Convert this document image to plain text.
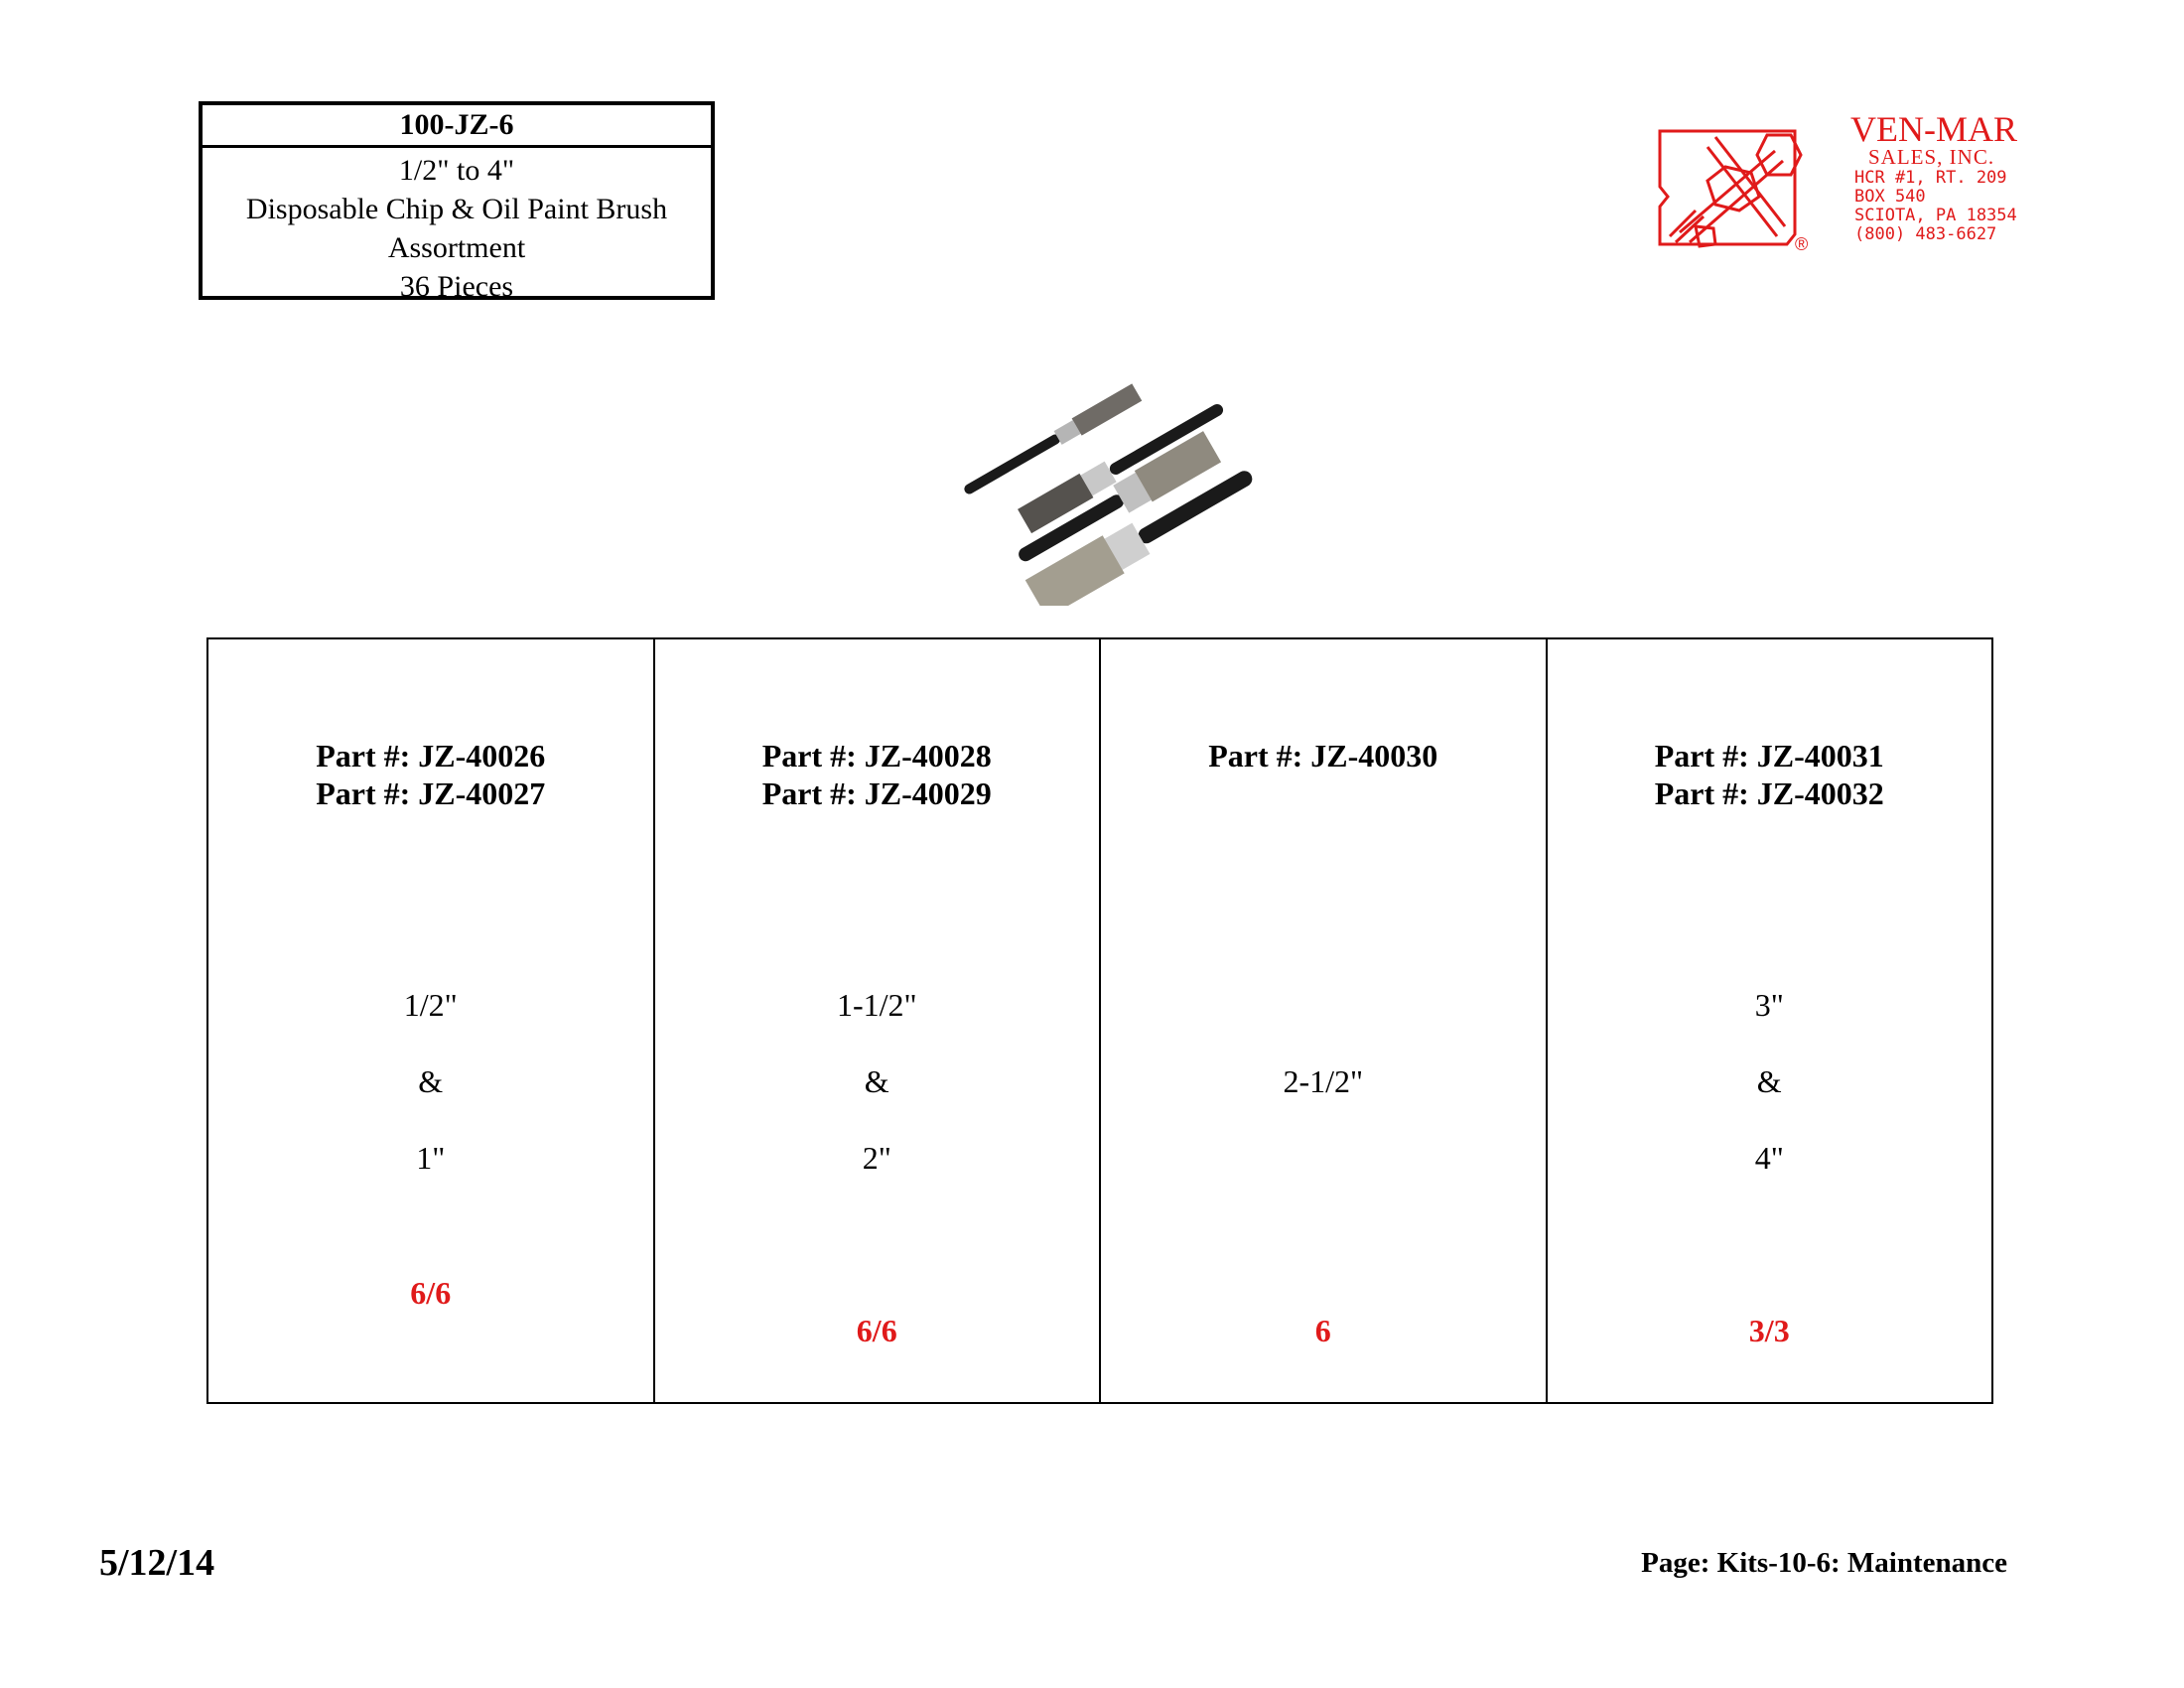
100-JZ-6
1/2" to 4"
Disposable Chip & Oil Paint Brush
Assortment
36 Pieces
®
VEN-MAR
SALES, INC.
HCR #1, RT. 209
BOX 540
SCIOTA, PA 18354
(800) 483-6627
Part #: JZ-40026
Part #: JZ-40027
1/2"
&
1"
6/6
Part #: JZ-40028
Part #: JZ-40029
1-1/2"
&
2"
6/6
Part #: JZ-40030
2-1/2"
6
Part #: JZ-40031
Part #: JZ-40032
3"
&
4"
3/3
5/12/14	Page: Kits-10-6: Maintenance
